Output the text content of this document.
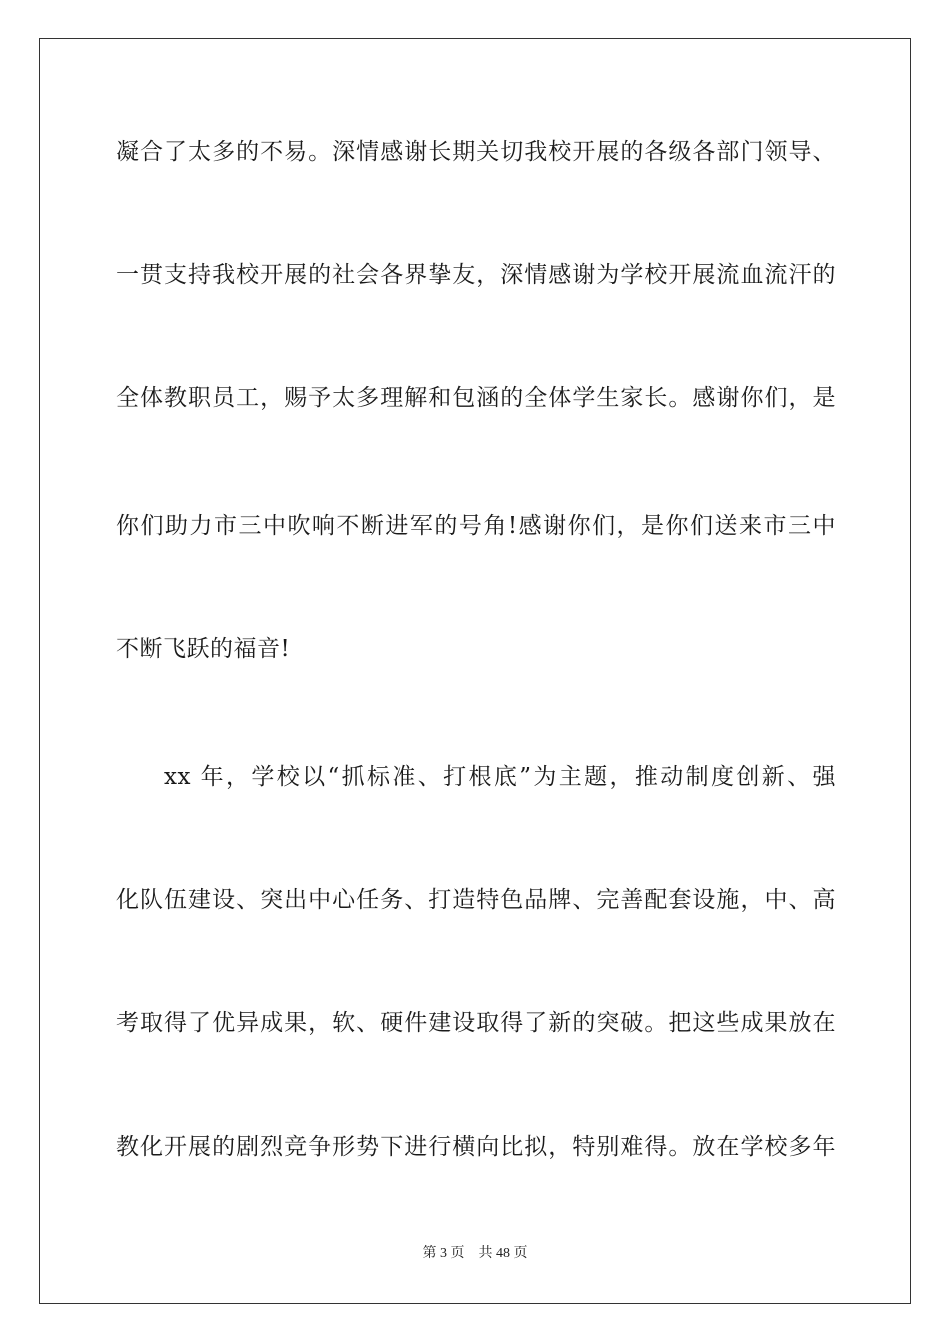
凝合了太多的不易。深情感谢长期关切我校开展的各级各部门领导、
一贯支持我校开展的社会各界挚友，深情感谢为学校开展流血流汗的
全体教职员工，赐予太多理解和包涵的全体学生家长。感谢你们，是
你们助力市三中吹响不断进军的号角!感谢你们，是你们送来市三中
不断飞跃的福音!
xx 年，学校以“抓标准、打根底”为主题，推动制度创新、强
化队伍建设、突出中心任务、打造特色品牌、完善配套设施，中、高
考取得了优异成果，软、硬件建设取得了新的突破。把这些成果放在
教化开展的剧烈竞争形势下进行横向比拟，特别难得。放在学校多年
第 3 页 共 48 页
